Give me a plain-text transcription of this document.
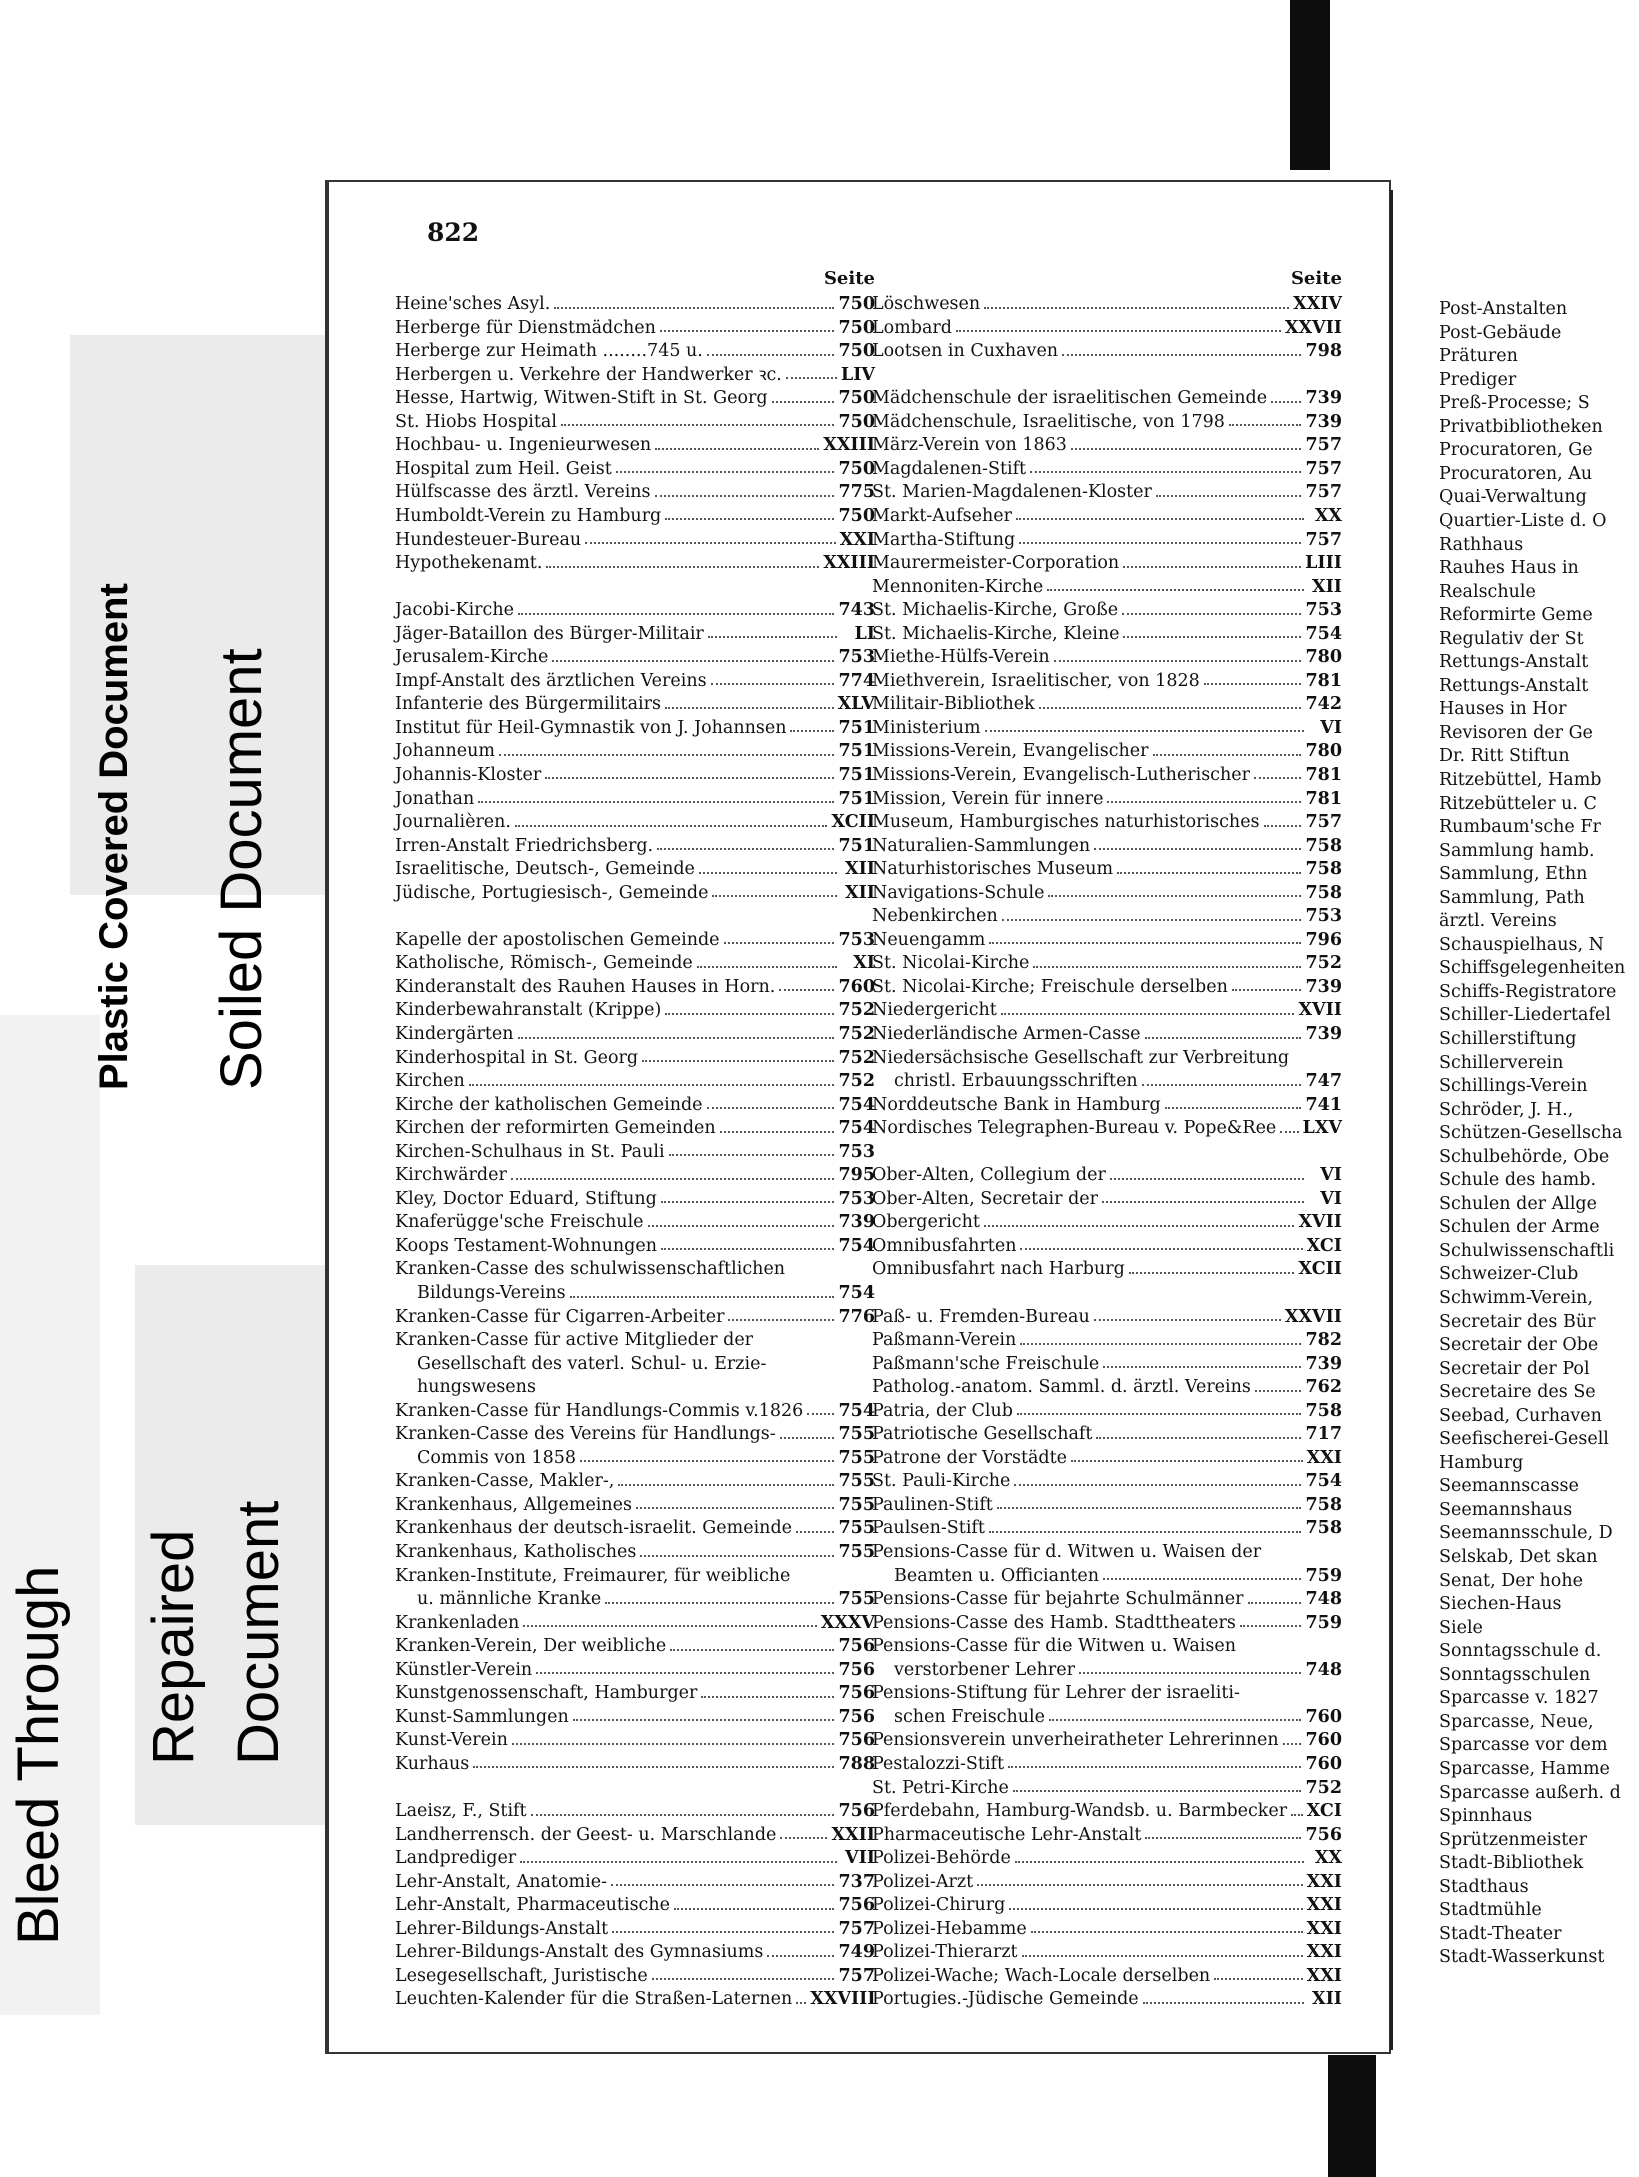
Plastic Covered Document Soiled Document
Bleed Through Repaired Document
822
Seite
Heine'sches Asyl.	750
Herberge für Dienstmädchen	750
Herberge zur Heimath ........745 u.	750
Herbergen u. Verkehre der Handwerker ꝛc.	LIV
Hesse, Hartwig, Witwen-Stift in St. Georg	750
St. Hiobs Hospital	750
Hochbau- u. Ingenieurwesen	XXIII
Hospital zum Heil. Geist	750
Hülfscasse des ärztl. Vereins	775
Humboldt-Verein zu Hamburg	750
Hundesteuer-Bureau	XXI
Hypothekenamt.	XXIII
Jacobi-Kirche	743
Jäger-Bataillon des Bürger-Militair	LI
Jerusalem-Kirche	753
Impf-Anstalt des ärztlichen Vereins	774
Infanterie des Bürgermilitairs	XLV
Institut für Heil-Gymnastik von J. Johannsen	751
Johanneum	751
Johannis-Kloster	751
Jonathan	751
Journalièren.	XCII
Irren-Anstalt Friedrichsberg.	751
Israelitische, Deutsch-, Gemeinde	XII
Jüdische, Portugiesisch-, Gemeinde	XII
Kapelle der apostolischen Gemeinde	753
Katholische, Römisch-, Gemeinde	XI
Kinderanstalt des Rauhen Hauses in Horn.	760
Kinderbewahranstalt (Krippe)	752
Kindergärten	752
Kinderhospital in St. Georg	752
Kirchen	752
Kirche der katholischen Gemeinde	754
Kirchen der reformirten Gemeinden	754
Kirchen-Schulhaus in St. Pauli	753
Kirchwärder	795
Kley, Doctor Eduard, Stiftung	753
Knaferügge'sche Freischule	739
Koops Testament-Wohnungen	754
Kranken-Casse des schulwissenschaftlichen
Bildungs-Vereins	754
Kranken-Casse für Cigarren-Arbeiter	776
Kranken-Casse für active Mitglieder der
Gesellschaft des vaterl. Schul- u. Erzie-
hungswesens
Kranken-Casse für Handlungs-Commis v.1826 754
Kranken-Casse des Vereins für Handlungs-	755
Commis von 1858	755
Kranken-Casse, Makler-,	755
Krankenhaus, Allgemeines	755
Krankenhaus der deutsch-israelit. Gemeinde	755
Krankenhaus, Katholisches	755
Kranken-Institute, Freimaurer, für weibliche
u. männliche Kranke	755
Krankenladen	XXXV
Kranken-Verein, Der weibliche	756
Künstler-Verein	756
Kunstgenossenschaft, Hamburger	756
Kunst-Sammlungen	756
Kunst-Verein	756
Kurhaus	788
Laeisz, F., Stift	756
Landherrensch. der Geest- u. Marschlande	XXII
Landprediger	VII
Lehr-Anstalt, Anatomie-	737
Lehr-Anstalt, Pharmaceutische	756
Lehrer-Bildungs-Anstalt	757
Lehrer-Bildungs-Anstalt des Gymnasiums	749
Lesegesellschaft, Juristische	757
Leuchten-Kalender für die Straßen-Laternen XXVIII
Seite
Löschwesen	XXIV
Lombard	XXVII
Lootsen in Cuxhaven	798
Mädchenschule der israelitischen Gemeinde 739
Mädchenschule, Israelitische, von 1798	739
März-Verein von 1863	757
Magdalenen-Stift	757
St. Marien-Magdalenen-Kloster	757
Markt-Aufseher	XX
Martha-Stiftung	757
Maurermeister-Corporation	LIII
Mennoniten-Kirche	XII
St. Michaelis-Kirche, Große	753
St. Michaelis-Kirche, Kleine	754
Miethe-Hülfs-Verein	780
Miethverein, Israelitischer, von 1828	781
Militair-Bibliothek	742
Ministerium	VI
Missions-Verein, Evangelischer	780
Missions-Verein, Evangelisch-Lutherischer	781
Mission, Verein für innere	781
Museum, Hamburgisches naturhistorisches	757
Naturalien-Sammlungen	758
Naturhistorisches Museum	758
Navigations-Schule	758
Nebenkirchen	753
Neuengamm	796
St. Nicolai-Kirche	752
St. Nicolai-Kirche; Freischule derselben	739
Niedergericht	XVII
Niederländische Armen-Casse	739
Niedersächsische Gesellschaft zur Verbreitung
christl. Erbauungsschriften	747
Norddeutsche Bank in Hamburg	741
Nordisches Telegraphen-Bureau v. Pope&Ree LXV
Ober-Alten, Collegium der	VI
Ober-Alten, Secretair der	VI
Obergericht	XVII
Omnibusfahrten	XCI
Omnibusfahrt nach Harburg	XCII
Paß- u. Fremden-Bureau	XXVII
Paßmann-Verein	782
Paßmann'sche Freischule	739
Patholog.-anatom. Samml. d. ärztl. Vereins	762
Patria, der Club	758
Patriotische Gesellschaft	717
Patrone der Vorstädte	XXI
St. Pauli-Kirche	754
Paulinen-Stift	758
Paulsen-Stift	758
Pensions-Casse für d. Witwen u. Waisen der
Beamten u. Officianten	759
Pensions-Casse für bejahrte Schulmänner	748
Pensions-Casse des Hamb. Stadttheaters	759
Pensions-Casse für die Witwen u. Waisen
verstorbener Lehrer	748
Pensions-Stiftung für Lehrer der israeliti-
schen Freischule	760
Pensionsverein unverheiratheter Lehrerinnen 760
Pestalozzi-Stift	760
St. Petri-Kirche	752
Pferdebahn, Hamburg-Wandsb. u. Barmbecker XCI
Pharmaceutische Lehr-Anstalt	756
Polizei-Behörde	XX
Polizei-Arzt	XXI
Polizei-Chirurg	XXI
Polizei-Hebamme	XXI
Polizei-Thierarzt	XXI
Polizei-Wache; Wach-Locale derselben	XXI
Portugies.-Jüdische Gemeinde	XII
Post-Anstalten
Post-Gebäude
Präturen
Prediger
Preß-Processe; S
Privatbibliotheken
Procuratoren, Ge
Procuratoren, Au
Quai-Verwaltung
Quartier-Liste d. O
Rathhaus
Rauhes Haus in
Realschule
Reformirte Geme
Regulativ der St
Rettungs-Anstalt
Rettungs-Anstalt
Hauses in Hor
Revisoren der Ge
Dr. Ritt Stiftun
Ritzebüttel, Hamb
Ritzebütteler u. C
Rumbaum'sche Fr
Sammlung hamb.
Sammlung, Ethn
Sammlung, Path
ärztl. Vereins
Schauspielhaus, N
Schiffsgelegenheiten
Schiffs-Registratore
Schiller-Liedertafel
Schillerstiftung
Schillerverein
Schillings-Verein
Schröder, J. H.,
Schützen-Gesellscha
Schulbehörde, Obe
Schule des hamb.
Schulen der Allge
Schulen der Arme
Schulwissenschaftli
Schweizer-Club
Schwimm-Verein,
Secretair des Bür
Secretair der Obe
Secretair der Pol
Secretaire des Se
Seebad, Curhaven
Seefischerei-Gesell
Hamburg
Seemannscasse
Seemannshaus
Seemannsschule, D
Selskab, Det skan
Senat, Der hohe
Siechen-Haus
Siele
Sonntagsschule d.
Sonntagsschulen
Sparcasse v. 1827
Sparcasse, Neue,
Sparcasse vor dem
Sparcasse, Hamme
Sparcasse außerh. d
Spinnhaus
Sprützenmeister
Stadt-Bibliothek
Stadthaus
Stadtmühle
Stadt-Theater
Stadt-Wasserkunst
